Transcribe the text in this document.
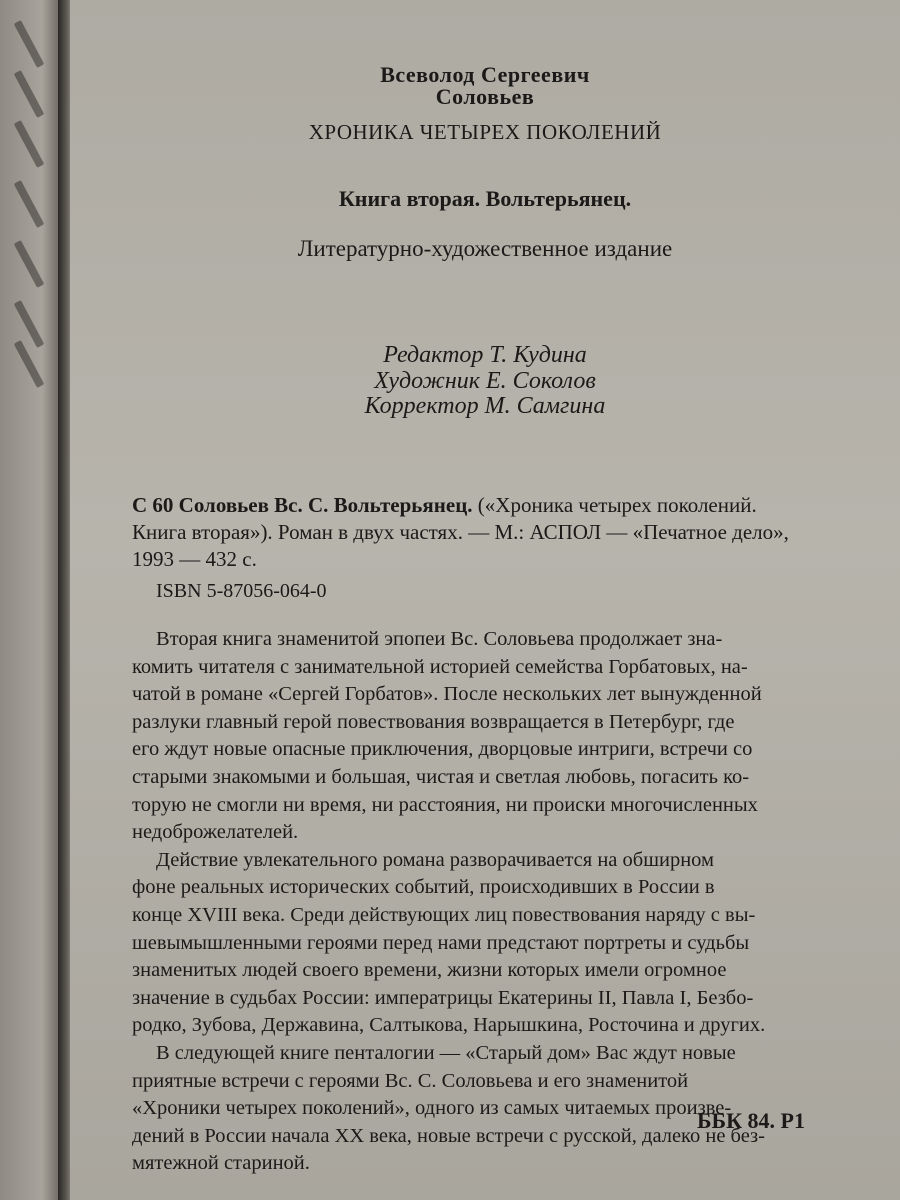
Всеволод Сергеевич
Соловьев
ХРОНИКА ЧЕТЫРЕХ ПОКОЛЕНИЙ
Книга вторая. Вольтерьянец.
Литературно-художественное издание
Редактор Т. Кудина
Художник Е. Соколов
Корректор М. Самгина
С 60 Соловьев Вс. С. Вольтерьянец. («Хроника четырех поколений.
Книга вторая»). Роман в двух частях. — М.: АСПОЛ — «Печатное дело»,
1993 — 432 с.
ISBN 5-87056-064-0
Вторая книга знаменитой эпопеи Вс. Соловьева продолжает зна-
комить читателя с занимательной историей семейства Горбатовых, на-
чатой в романе «Сергей Горбатов». После нескольких лет вынужденной
разлуки главный герой повествования возвращается в Петербург, где
его ждут новые опасные приключения, дворцовые интриги, встречи со
старыми знакомыми и большая, чистая и светлая любовь, погасить ко-
торую не смогли ни время, ни расстояния, ни происки многочисленных
недоброжелателей.
Действие увлекательного романа разворачивается на обширном
фоне реальных исторических событий, происходивших в России в
конце XVIII века. Среди действующих лиц повествования наряду с вы-
шевымышленными героями перед нами предстают портреты и судьбы
знаменитых людей своего времени, жизни которых имели огромное
значение в судьбах России: императрицы Екатерины II, Павла I, Безбо-
родко, Зубова, Державина, Салтыкова, Нарышкина, Росточина и других.
В следующей книге пенталогии — «Старый дом» Вас ждут новые
приятные встречи с героями Вс. С. Соловьева и его знаменитой
«Хроники четырех поколений», одного из самых читаемых произве-
дений в России начала XX века, новые встречи с русской, далеко не без-
мятежной стариной.
ББК 84. Р1
